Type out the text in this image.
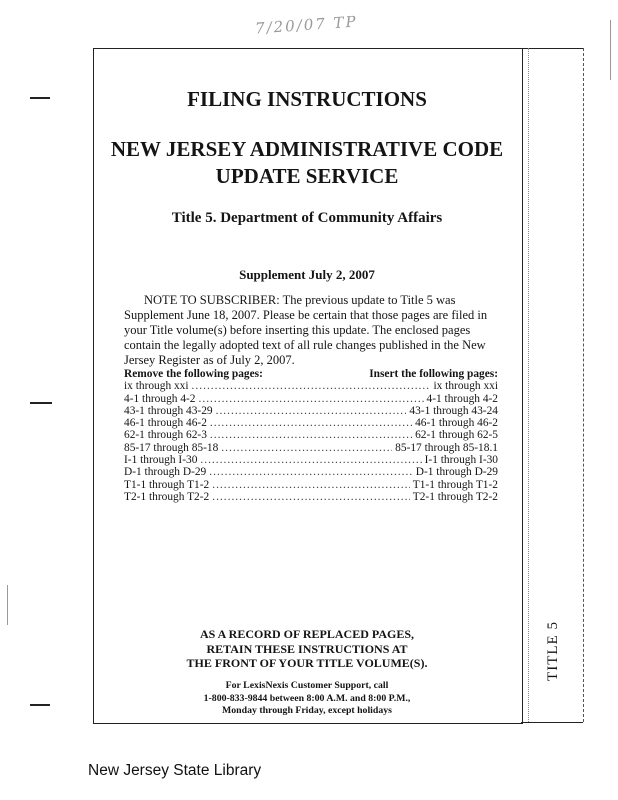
7/20/07 TP
FILING INSTRUCTIONS
NEW JERSEY ADMINISTRATIVE CODE
UPDATE SERVICE
Title 5. Department of Community Affairs
Supplement July 2, 2007
NOTE TO SUBSCRIBER: The previous update to Title 5 was
Supplement June 18, 2007. Please be certain that those pages are filed in
your Title volume(s) before inserting this update. The enclosed pages
contain the legally adopted text of all rule changes published in the New
Jersey Register as of July 2, 2007.
Remove the following pages:	Insert the following pages:
ix through xxi .....	ix through xxi
4-1 through 4-2 .....	4-1 through 4-2
43-1 through 43-29 .....	43-1 through 43-24
46-1 through 46-2 .....	46-1 through 46-2
62-1 through 62-3 .....	62-1 through 62-5
85-17 through 85-18 .....	85-17 through 85-18.1
I-1 through I-30 .....	I-1 through I-30
D-1 through D-29 .....	D-1 through D-29
T1-1 through T1-2 .....	T1-1 through T1-2
T2-1 through T2-2 .....	T2-1 through T2-2
AS A RECORD OF REPLACED PAGES,
RETAIN THESE INSTRUCTIONS AT
THE FRONT OF YOUR TITLE VOLUME(S).
For LexisNexis Customer Support, call
1-800-833-9844 between 8:00 A.M. and 8:00 P.M.,
Monday through Friday, except holidays
TITLE 5
New Jersey State Library
